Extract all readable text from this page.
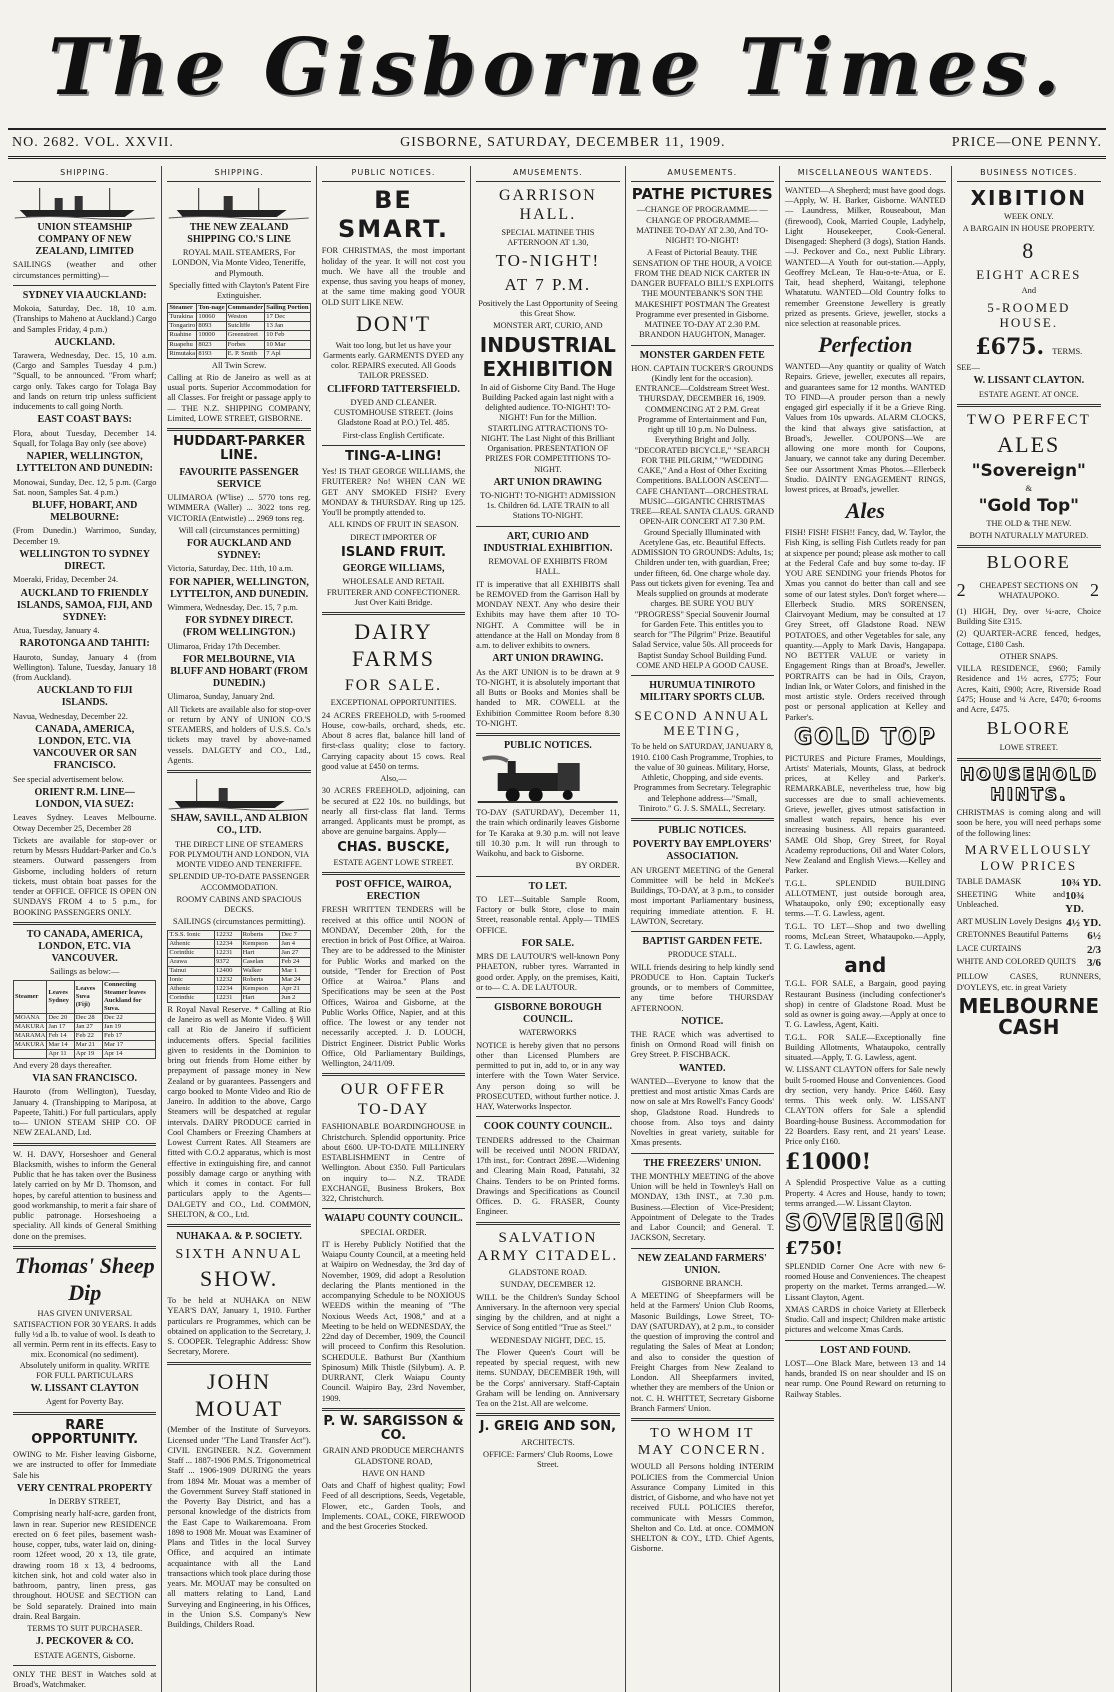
The Gisborne Times.
NO. 2682. VOL. XXVII.	GISBORNE, SATURDAY, DECEMBER 11, 1909.	PRICE—ONE PENNY.
SHIPPING.
UNION STEAMSHIP COMPANY OF NEW ZEALAND, LIMITED

SAILINGS (weather and other circumstances permitting)—

SYDNEY VIA AUCKLAND:

Mokoia, Saturday, Dec. 18, 10 a.m. (Tranships to Maheno at Auckland.) Cargo and Samples Friday, 4 p.m.)

AUCKLAND.

Tarawera, Wednesday, Dec. 15, 10 a.m. (Cargo and Samples Tuesday 4 p.m.) "Squall, to be announced. "From wharf; cargo only. Takes cargo for Tolaga Bay and lands on return trip unless sufficient inducements to call going North.

EAST COAST BAYS:

Flora, about Tuesday, December 14. Squall, for Tolaga Bay only (see above)

NAPIER, WELLINGTON, LYTTELTON AND DUNEDIN:

Monowai, Sunday, Dec. 12, 5 p.m. (Cargo Sat. noon, Samples Sat. 4 p.m.)

BLUFF, HOBART, AND MELBOURNE:

(From Dunedin.) Warrimoo, Sunday, December 19.

WELLINGTON TO SYDNEY DIRECT.

Moeraki, Friday, December 24.

AUCKLAND TO FRIENDLY ISLANDS, SAMOA, FIJI, AND SYDNEY:

Atua, Tuesday, January 4.

RAROTONGA AND TAHITI:

Hauroto, Sunday, January 4 (from Wellington). Talune, Tuesday, January 18 (from Auckland).

AUCKLAND TO FIJI ISLANDS.

Navua, Wednesday, December 22.

CANADA, AMERICA, LONDON, ETC. VIA VANCOUVER OR SAN FRANCISCO.

See special advertisement below.

ORIENT R.M. LINE—LONDON, VIA SUEZ:

Leaves Sydney. Leaves Melbourne. Otway December 25, December 28

Tickets are available for stop-over or return by Messrs Huddart-Parker and Co.'s steamers. Outward passengers from Gisborne, including holders of return tickets, must obtain boat passes for the tender at OFFICE. OFFICE IS OPEN ON SUNDAYS FROM 4 to 5 p.m., for BOOKING PASSENGERS ONLY.

TO CANADA, AMERICA, LONDON, ETC. VIA VANCOUVER.

Sailings as below:—

Steamer	Leaves Sydney	Leaves Suva (Fiji)	Connecting Steamer leaves Auckland for Suva.
MOANA	Dec 20	Dec 28	Dec 22
MAKURA	Jan 17	Jan 27	Jan 19
MARAMA	Feb 14	Feb 22	Feb 17
MAKURA	Mar 14	Mar 21	Mar 17
	Apr 11	Apr 19	Apr 14

And every 28 days thereafter.

VIA SAN FRANCISCO.

Hauroto (from Wellington), Tuesday, January 4. (Transhipping to Mariposa, at Papeete, Tahiti.) For full particulars, apply to— UNION STEAM SHIP CO. OF NEW ZEALAND, Ltd.

W. H. DAVY, Horseshoer and General Blacksmith, wishes to inform the General Public that he has taken over the Business lately carried on by Mr D. Thomson, and hopes, by careful attention to business and good workmanship, to merit a fair share of public patronage. Horseshoeing a speciality. All kinds of General Smithing done on the premises.

Thomas' Sheep Dip

HAS GIVEN UNIVERSAL SATISFACTION FOR 30 YEARS. It adds fully ½d a lb. to value of wool. Is death to all vermin. Perm rent in its effects. Easy to mix. Economical (no sediment). Absolutely uniform in quality. WRITE FOR FULL PARTICULARS

W. LISSANT CLAYTON

Agent for Poverty Bay.

RARE OPPORTUNITY.

OWING to Mr. Fisher leaving Gisborne, we are instructed to offer for Immediate Sale his

VERY CENTRAL PROPERTY

In DERBY STREET,

Comprising nearly half-acre, garden front, lawn in rear. Superior new RESIDENCE erected on 6 feet piles, basement wash-house, copper, tubs, water laid on, dining-room 12feet wood, 20 x 13, tile grate, drawing room 18 x 13, 4 bedrooms, kitchen sink, hot and cold water also in bathroom, pantry, linen press, gas throughout. HOUSE and SECTION can be Sold separately. Drained into main drain. Real Bargain.

TERMS TO SUIT PURCHASER.

J. PECKOVER & CO.

ESTATE AGENTS, Gisborne.

ONLY THE BEST in Watches sold at Broad's, Watchmaker.

SHIPPING.
THE NEW ZEALAND SHIPPING CO.'S LINE

ROYAL MAIL STEAMERS, For LONDON, Via Monte Video, Teneriffe, and Plymouth.

Specially fitted with Clayton's Patent Fire Extinguisher.

Steamer	Ton-nage	Commander	Sailing Portion
Turakina	10060	Weston	17 Dec
Tongariro	8093	Sutcliffe	13 Jan
Ruahine	10000	Greenstreet	10 Feb
Ruapehu	8023	Forbes	10 Mar
Rimutaka	8193	E. P. Smith	7 Apl

All Twin Screw.

Calling at Rio de Janeiro as well as at usual ports. Superior Accommodation for all Classes. For freight or passage apply to— THE N.Z. SHIPPING COMPANY, Limited, LOWE STREET, GISBORNE.

HUDDART-PARKER LINE.
FAVOURITE PASSENGER SERVICE

ULIMAROA (W'lise) ... 5770 tons reg. WIMMERA (Waller) ... 3022 tons reg. VICTORIA (Entwistle) ... 2969 tons reg.

Will call (circumstances permitting)

FOR AUCKLAND AND SYDNEY:

Victoria, Saturday, Dec. 11th, 10 a.m.

FOR NAPIER, WELLINGTON, LYTTELTON, AND DUNEDIN.

Wimmera, Wednesday, Dec. 15, 7 p.m.

FOR SYDNEY DIRECT. (FROM WELLINGTON.)

Ulimaroa, Friday 17th December.

FOR MELBOURNE, VIA BLUFF AND HOBART (FROM DUNEDIN.)

Ulimaroa, Sunday, January 2nd.

All Tickets are available also for stop-over or return by ANY of UNION CO.'S STEAMERS, and holders of U.S.S. Co.'s tickets may travel by above-named vessels. DALGETY and CO., Ltd., Agents.

SHAW, SAVILL, AND ALBION CO., LTD.

THE DIRECT LINE OF STEAMERS FOR PLYMOUTH AND LONDON, VIA MONTE VIDEO AND TENERIFFE.

SPLENDID UP-TO-DATE PASSENGER ACCOMMODATION.

ROOMY CABINS AND SPACIOUS DECKS.

SAILINGS (circumstances permitting).

T.S.S. Ionic	12232	Roberts	Dec 7
Athenic	12234	Kempson	Jan 4
Corinthic	12231	Hart	Jan 27
Arawa	9372	Caselan	Feb 24
Tainui	12400	Walker	Mar 1
Ionic	12232	Roberts	Mar 24
Athenic	12234	Kempson	Apr 21
Corinthic	12231	Hart	Jun 2

R Royal Naval Reserve. * Calling at Rio de Janeiro as well as Monte Video. § Will call at Rio de Janeiro if sufficient inducements offers. Special facilities given to residents in the Dominion to bring out friends from Home either by prepayment of passage money in New Zealand or by guarantees. Passengers and cargo booked to Monte Video and Rio de Janeiro. In addition to the above, Cargo Steamers will be despatched at regular intervals. DAIRY PRODUCE carried in Cool Chambers or Freezing Chambers at Lowest Current Rates. All Steamers are fitted with C.O.2 apparatus, which is most effective in extinguishing fire, and cannot possibly damage cargo or anything with which it comes in contact. For full particulars apply to the Agents— DALGETY and CO., Ltd. COMMON, SHELTON, & CO., Ltd.

NUHAKA A. & P. SOCIETY.
SIXTH ANNUAL
SHOW.

To be held at NUHAKA on NEW YEAR'S DAY, January 1, 1910. Further particulars re Programmes, which can be obtained on application to the Secretary, J. S. COOPER. Telegraphic Address: Show Secretary, Morere.

JOHN MOUAT

(Member of the Institute of Surveyors. Licensed under "The Land Transfer Act"). CIVIL ENGINEER. N.Z. Government Staff ... 1887-1906 P.M.S. Trigonometrical Staff ... 1906-1909 DURING the years from 1894 Mr. Mouat was a member of the Government Survey Staff stationed in the Poverty Bay District, and has a personal knowledge of the districts from the East Cape to Waikaremoana. From 1898 to 1908 Mr. Mouat was Examiner of Plans and Titles in the local Survey Office, and acquired an intimate acquaintance with all the Land transactions which took place during those years. Mr. MOUAT may be consulted on all matters relating to Land, Land Surveying and Engineering, in his Offices, in the Union S.S. Company's New Buildings, Childers Road.

PUBLIC NOTICES.
BE SMART.

FOR CHRISTMAS, the most important holiday of the year. It will not cost you much. We have all the trouble and expense, thus saving you heaps of money, at the same time making good YOUR OLD SUIT LIKE NEW.

DON'T

Wait too long, but let us have your Garments early. GARMENTS DYED any color. REPAIRS executed. All Goods TAILOR PRESSED.

CLIFFORD TATTERSFIELD.

DYED AND CLEANER. CUSTOMHOUSE STREET. (Joins Gladstone Road at P.O.) Tel. 485.

First-class English Certificate.

TING-A-LING!

Yes! IS THAT GEORGE WILLIAMS, the FRUITERER? No! WHEN CAN WE GET ANY SMOKED FISH? Every MONDAY & THURSDAY. Ring up 125. You'll be promptly attended to.

ALL KINDS OF FRUIT IN SEASON.

DIRECT IMPORTER OF

ISLAND FRUIT.
GEORGE WILLIAMS,

WHOLESALE AND RETAIL FRUITERER AND CONFECTIONER. Just Over Kaiti Bridge.

DAIRY FARMS
FOR SALE.

EXCEPTIONAL OPPORTUNITIES.

24 ACRES FREEHOLD, with 5-roomed House, cow-bails, orchard, sheds, etc. About 8 acres flat, balance hill land of first-class quality; close to factory. Carrying capacity about 15 cows. Real good value at £450 on terms.

Also,—

30 ACRES FREEHOLD, adjoining, can be secured at £22 10s. no buildings, but nearly all first-class flat land. Terms arranged. Applicants must be prompt, as above are genuine bargains. Apply—

CHAS. BUSCKE,

ESTATE AGENT LOWE STREET.

POST OFFICE, WAIROA, ERECTION

FRESH WRITTEN TENDERS will be received at this office until NOON of MONDAY, December 20th, for the erection in brick of Post Office, at Wairoa. They are to be addressed to the Minister for Public Works and marked on the outside, "Tender for Erection of Post Office at Wairoa." Plans and Specifications may be seen at the Post Offices, Wairoa and Gisborne, at the Public Works Office, Napier, and at this office. The lowest or any tender not necessarily accepted. J. D. LOUCH, District Engineer. District Public Works Office, Old Parliamentary Buildings, Wellington, 24/11/09.

OUR OFFER TO-DAY

FASHIONABLE BOARDINGHOUSE in Christchurch. Splendid opportunity. Price about £600. UP-TO-DATE MILLINERY ESTABLISHMENT in Centre of Wellington. About £350. Full Particulars on inquiry to— N.Z. TRADE EXCHANGE, Business Brokers, Box 322, Christchurch.

WAIAPU COUNTY COUNCIL.

SPECIAL ORDER.

IT is Hereby Publicly Notified that the Waiapu County Council, at a meeting held at Waipiro on Wednesday, the 3rd day of November, 1909, did adopt a Resolution declaring the Plants mentioned in the accompanying Schedule to be NOXIOUS WEEDS within the meaning of "The Noxious Weeds Act, 1908," and at a Meeting to be held on WEDNESDAY, the 22nd day of December, 1909, the Council will proceed to Confirm this Resolution. SCHEDULE. Bathurst Bur (Xanthium Spinosum) Milk Thistle (Silybum). A. P. DURRANT, Clerk Waiapu County Council. Waipiro Bay, 23rd November, 1909.

P. W. SARGISSON & CO.

GRAIN AND PRODUCE MERCHANTS GLADSTONE ROAD,

HAVE ON HAND

Oats and Chaff of highest quality; Fowl Feed of all descriptions, Seeds, Vegetable, Flower, etc., Garden Tools, and Implements. COAL, COKE, FIREWOOD and the best Groceries Stocked.

AMUSEMENTS.
GARRISON HALL.

SPECIAL MATINEE THIS AFTERNOON AT 1.30,

TO-NIGHT!
AT 7 P.M.

Positively the Last Opportunity of Seeing this Great Show.

MONSTER ART, CURIO, AND

INDUSTRIAL
EXHIBITION

In aid of Gisborne City Band. The Huge Building Packed again last night with a delighted audience. TO-NIGHT! TO-NIGHT! Fun for the Million. STARTLING ATTRACTIONS TO-NIGHT. The Last Night of this Brilliant Organisation. PRESENTATION OF PRIZES FOR COMPETITIONS TO-NIGHT.

ART UNION DRAWING

TO-NIGHT! TO-NIGHT! ADMISSION 1s. Children 6d. LATE TRAIN to all Stations TO-NIGHT.

ART, CURIO AND INDUSTRIAL EXHIBITION.

REMOVAL OF EXHIBITS FROM HALL.

IT is imperative that all EXHIBITS shall be REMOVED from the Garrison Hall by MONDAY NEXT. Any who desire their Exhibits may have them after 10 TO-NIGHT. A Committee will be in attendance at the Hall on Monday from 8 a.m. to deliver exhibits to owners.

ART UNION DRAWING.

As the ART UNION is to be drawn at 9 TO-NIGHT, it is absolutely important that all Butts or Books and Monies shall be handed to MR. COWELL at the Exhibition Committee Room before 8.30 TO-NIGHT.

PUBLIC NOTICES.

TO-DAY (SATURDAY), December 11, the train which ordinarily leaves Gisborne for Te Karaka at 9.30 p.m. will not leave till 10.30 p.m. It will run through to Waikohu, and back to Gisborne.

BY ORDER.

TO LET.

TO LET—Suitable Sample Room, Factory or bulk Store, close to main Street, reasonable rental. Apply— TIMES OFFICE.

FOR SALE.

MRS DE LAUTOUR'S well-known Pony PHAETON, rubber tyres. Warranted in good order. Apply, on the premises, Kaiti, or to— C. A. DE LAUTOUR.

GISBORNE BOROUGH COUNCIL.

WATERWORKS

NOTICE is hereby given that no persons other than Licensed Plumbers are permitted to put in, add to, or in any way interfere with the Town Water Service. Any person doing so will be PROSECUTED, without further notice. J. HAY, Waterworks Inspector.

COOK COUNTY COUNCIL.

TENDERS addressed to the Chairman will be received until NOON FRIDAY, 17th inst., for: Contract 289E.—Widening and Clearing Main Road, Patutahi, 32 Chains. Tenders to be on Printed forms. Drawings and Specifications as Council Offices. D. G. FRASER, County Engineer.

SALVATION ARMY CITADEL.

GLADSTONE ROAD.

SUNDAY, DECEMBER 12.

WILL be the Children's Sunday School Anniversary. In the afternoon very special singing by the children, and at night a Service of Song entitled "True as Steel."

WEDNESDAY NIGHT, DEC. 15.

The Flower Queen's Court will be repeated by special request, with new items. SUNDAY, DECEMBER 19th, will be the Corps' anniversary. Staff-Captain Graham will be lending on. Anniversary Tea on the 21st. All are welcome.

J. GREIG AND SON,

ARCHITECTS.

OFFICE: Farmers' Club Rooms, Lowe Street.

AMUSEMENTS.
PATHE PICTURES

—CHANGE OF PROGRAMME— —CHANGE OF PROGRAMME— MATINEE TO-DAY AT 2.30, And TO-NIGHT! TO-NIGHT!

A Feast of Pictorial Beauty. THE SENSATION OF THE HOUR, A VOICE FROM THE DEAD NICK CARTER IN DANGER BUFFALO BILL'S EXPLOITS THE MOUNTEBANK'S SON THE MAKESHIFT POSTMAN The Greatest Programme ever presented in Gisborne. MATINEE TO-DAY AT 2.30 P.M. BRANDON HAUGHTON, Manager.

MONSTER GARDEN FETE

HON. CAPTAIN TUCKER'S GROUNDS (Kindly lent for the occasion). ENTRANCE—Coldstream Street West. THURSDAY, DECEMBER 16, 1909. COMMENCING AT 2 P.M. Great Programme of Entertainment and Fun, right up till 10 p.m. No Dulness. Everything Bright and Jolly. "DECORATED BICYCLE," "SEARCH FOR THE PILGRIM," "WEDDING CAKE," And a Host of Other Exciting Competitions. BALLOON ASCENT—CAFE CHANTANT—ORCHESTRAL MUSIC—GIGANTIC CHRISTMAS TREE—REAL SANTA CLAUS. GRAND OPEN-AIR CONCERT AT 7.30 P.M. Ground Specially Illuminated with Acetylene Gas, etc. Beautiful Effects. ADMISSION TO GROUNDS: Adults, 1s; Children under ten, with guardian, Free; under fifteen, 6d. One charge whole day. Pass out tickets given for evening. Tea and Meals supplied on grounds at moderate charges. BE SURE YOU BUY "PROGRESS" Special Souvenir Journal for Garden Fete. This entitles you to search for "The Pilgrim" Prize. Beautiful Salad Service, value 50s. All proceeds for Baptist Sunday School Building Fund. COME AND HELP A GOOD CAUSE.

HURUMUA TINIROTO MILITARY SPORTS CLUB.
SECOND ANNUAL MEETING,

To be held on SATURDAY, JANUARY 8, 1910. £100 Cash Programme, Trophies, to the value of 30 guineas. Military, Horse, Athletic, Chopping, and side events. Programmes from Secretary. Telegraphic and Telephone address—"Small, Tiniroto." G. J. S. SMALL, Secretary.

PUBLIC NOTICES.
POVERTY BAY EMPLOYERS' ASSOCIATION.

AN URGENT MEETING of the General Committee will be held in McKee's Buildings, TO-DAY, at 3 p.m., to consider most important Parliamentary business, requiring immediate attention. F. H. LAWTON, Secretary.

BAPTIST GARDEN FETE.

PRODUCE STALL.

WILL friends desiring to help kindly send PRODUCE to Hon. Captain Tucker's grounds, or to members of Committee, any time before THURSDAY AFTERNOON.

NOTICE.

THE RACE which was advertised to finish on Ormond Road will finish on Grey Street. P. FISCHBACK.

WANTED.

WANTED—Everyone to know that the prettiest and most artistic Xmas Cards are now on sale at Mrs Rowell's Fancy Goods' shop, Gladstone Road. Hundreds to choose from. Also toys and dainty Novelties in great variety, suitable for Xmas presents.

THE FREEZERS' UNION.

THE MONTHLY MEETING of the above Union will be held in Townley's Hall on MONDAY, 13th INST., at 7.30 p.m. Business.—Election of Vice-President; Appointment of Delegate to the Trades and Labor Council; and General. T. JACKSON, Secretary.

NEW ZEALAND FARMERS' UNION.

GISBORNE BRANCH.

A MEETING of Sheepfarmers will be held at the Farmers' Union Club Rooms, Masonic Buildings, Lowe Street, TO-DAY (SATURDAY), at 2 p.m., to consider the question of improving the control and regulating the Sales of Meat at London; and also to consider the question of Freight Charges from New Zealand to London. All Sheepfarmers invited, whether they are members of the Union or not. C. H. WHITTET, Secretary Gisborne Branch Farmers' Union.

TO WHOM IT MAY CONCERN.

WOULD all Persons holding INTERIM POLICIES from the Commercial Union Assurance Company Limited in this district, of Gisborne, and who have not yet received FULL POLICIES therefor, communicate with Messrs Common, Shelton and Co. Ltd. at once. COMMON SHELTON & COY., LTD. Chief Agents, Gisborne.

MISCELLANEOUS WANTEDS.

WANTED—A Shepherd; must have good dogs.—Apply, W. H. Barker, Gisborne. WANTED — Laundress, Milker, Rouseabout, Man (firewood), Cook, Married Couple, Ladyhelp, Light Housekeeper, Cook-General. Disengaged: Shepherd (3 dogs), Station Hands. —J. Peckover and Co., next Public Library. WANTED—A Youth for out-station.—Apply, Geoffrey McLean, Te Hau-o-te-Atua, or E. Tait, head shepherd, Waitangi, telephone Whatatutu. WANTED—Old Country folks to remember Greenstone Jewellery is greatly prized as presents. Grieve, jeweller, stocks a nice selection at reasonable prices.

Perfection

WANTED—Any quantity or quality of Watch Repairs. Grieve, jeweller, executes all repairs, and guarantees same for 12 months. WANTED TO FIND—A prouder person than a newly engaged girl especially if it be a Grieve Ring. Values from 10s upwards. ALARM CLOCKS, the kind that always give satisfaction, at Broad's, Jeweller. COUPONS—We are allowing one more month for Coupons, January, we cannot take any during December. See our Assortment Xmas Photos.—Ellerbeck Studio. DAINTY ENGAGEMENT RINGS, lowest prices, at Broad's, jeweller.

Ales

FISH! FISH! FISH!! Fancy, dad, W. Taylor, the Fish King, is selling Fish Cutlets ready for pan at sixpence per pound; please ask mother to call at the Federal Cafe and buy some to-day. IF YOU ARE SENDING your friends Photos for Xmas you cannot do better than call and see some of our latest styles. Don't forget where— Ellerbeck Studio. MRS SORENSEN, Clairvoyant Medium, may be consulted at 17 Grey Street, off Gladstone Road. NEW POTATOES, and other Vegetables for sale, any quantity.—Apply to Mark Davis, Hangapapa. NO BETTER VALUE or variety in Engagement Rings than at Broad's, Jeweller. PORTRAITS can be had in Oils, Crayon, Indian Ink, or Water Colors, and finished in the most artistic style. Orders received through post or personal application at Kelley and Parker's.

GOLD TOP

PICTURES and Picture Frames, Mouldings, Artists' Materials, Mounts, Glass, at bedrock prices, at Kelley and Parker's. REMARKABLE, nevertheless true, how big successes are due to small achievements. Grieve, jeweller, gives utmost satisfaction in smallest watch repairs, hence his ever increasing business. All repairs guaranteed. SAME Old Shop, Grey Street, for Royal Academy reproductions, Oil and Water Colors, New Zealand and English Views.—Kelley and Parker.

T.G.L. SPLENDID BUILDING ALLOTMENT, just outside borough area, Whataupoko, only £90; exceptionally easy terms.—T. G. Lawless, agent.

T.G.L. TO LET—Shop and two dwelling rooms, McLean Street, Whataupoko.—Apply, T. G. Lawless, agent.

and

T.G.L. FOR SALE, a Bargain, good paying Restaurant Business (including confectioner's shop) in centre of Gladstone Road. Must be sold as owner is going away.—Apply at once to T. G. Lawless, Agent, Kaiti.

T.G.L. FOR SALE—Exceptionally fine Building Allotments, Whataupoko, centrally situated.—Apply, T. G. Lawless, agent.

W. LISSANT CLAYTON offers for Sale newly built 5-roomed House and Conveniences. Good dry section, very handy. Price £460. Easy terms. This week only. W. LISSANT CLAYTON offers for Sale a splendid Boarding-house Business. Accommodation for 22 Boarders. Easy rent, and 21 years' Lease. Price only £160.

£1000!

A Splendid Prospective Value as a cutting Property. 4 Acres and House, handy to town; terms arranged.—W. Lissant Clayton.

SOVEREIGN
£750!

SPLENDID Corner One Acre with new 6-roomed House and Conveniences. The cheapest property on the market. Terms arranged.—W. Lissant Clayton, Agent.

XMAS CARDS in choice Variety at Ellerbeck Studio. Call and inspect; Children make artistic pictures and welcome Xmas Cards.

LOST AND FOUND.

LOST—One Black Mare, between 13 and 14 hands, branded IS on near shoulder and IS on near rump. One Pound Reward on returning to Railway Stables.

BUSINESS NOTICES.
XIBITION

WEEK ONLY.

A BARGAIN IN HOUSE PROPERTY.

8
EIGHT ACRES

And

5-ROOMED HOUSE.
£675. TERMS.

SEE—

W. LISSANT CLAYTON.

ESTATE AGENT. AT ONCE.

TWO PERFECT
ALES
"Sovereign"

&

"Gold Top"

THE OLD & THE NEW.

BOTH NATURALLY MATURED.

BLOORE
2	CHEAPEST SECTIONS ON WHATAUPOKO.	2

(1) HIGH, Dry, over ¼-acre, Choice Building Site £315.

(2) QUARTER-ACRE fenced, hedges, Cottage, £180 Cash.

OTHER SNAPS.

VILLA RESIDENCE, £960; Family Residence and 1½ acres, £775; Four Acres, Kaiti, £900; Acre, Riverside Road £475; House and ¼ Acre, £470; 6-rooms and Acre, £475.

BLOORE

LOWE STREET.

HOUSEHOLD HINTS.

CHRISTMAS is coming along and will soon be here, you will need perhaps some of the following lines:

MARVELLOUSLY LOW PRICES
TABLE DAMASK	10¾ YD.
SHEETING White and Unbleached.
10¾ YD.
ART MUSLIN Lovely Designs 4½ YD.
CRETONNES Beautiful Patterns 6½
LACE CURTAINS	2/3
WHITE AND COLORED QUILTS 3/6

PILLOW CASES, RUNNERS, D'OYLEYS, etc. in great Variety

MELBOURNE CASH
